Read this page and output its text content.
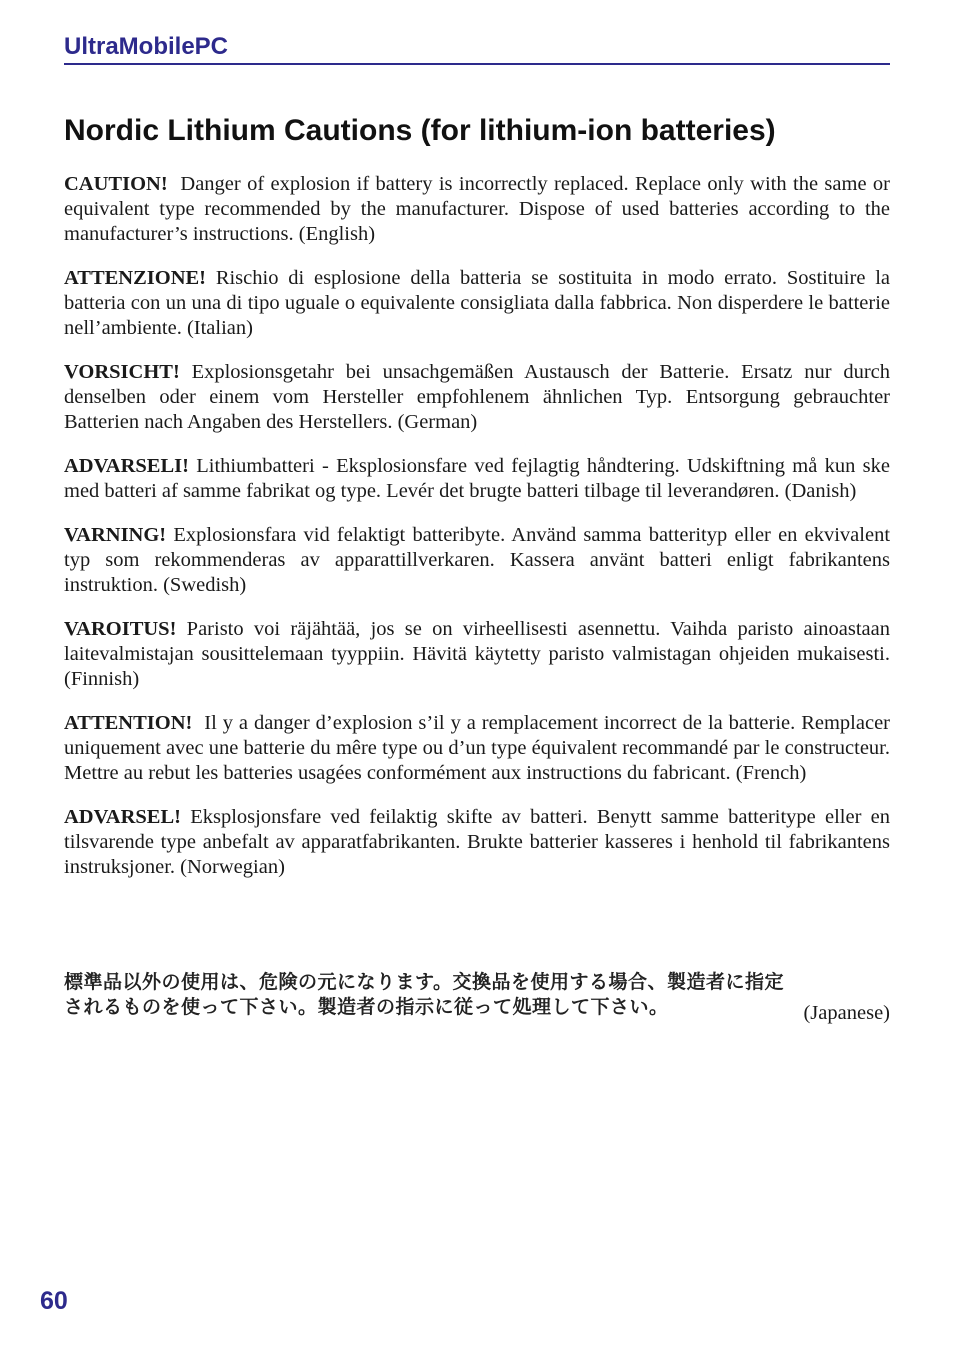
UltraMobilePC
Nordic Lithium Cautions (for lithium-ion batteries)

CAUTION! Danger of explosion if battery is incorrectly replaced. Replace only with the same or equivalent type recommended by the manufacturer. Dispose of used batteries according to the manufacturer’s instructions. (English)

ATTENZIONE! Rischio di esplosione della batteria se sostituita in modo errato. Sostituire la batteria con un una di tipo uguale o equivalente consigliata dalla fabbrica. Non disperdere le batterie nell’ambiente. (Italian)

VORSICHT! Explosionsgetahr bei unsachgemäßen Austausch der Batterie. Ersatz nur durch denselben oder einem vom Hersteller empfohlenem ähnlichen Typ. Entsorgung gebrauchter Batterien nach Angaben des Herstellers. (German)

ADVARSELI! Lithiumbatteri - Eksplosionsfare ved fejlagtig håndtering. Udskiftning må kun ske med batteri af samme fabrikat og type. Levér det brugte batteri tilbage til leverandøren. (Danish)

VARNING! Explosionsfara vid felaktigt batteribyte. Använd samma batterityp eller en ekvivalent typ som rekommenderas av apparattillverkaren. Kassera använt batteri enligt fabrikantens instruktion. (Swedish)

VAROITUS! Paristo voi räjähtää, jos se on virheellisesti asennettu. Vaihda paristo ainoastaan laitevalmistajan sousittelemaan tyyppiin. Hävitä käytetty paristo valmistagan ohjeiden mukaisesti. (Finnish)

ATTENTION! Il y a danger d’explosion s’il y a remplacement incorrect de la batterie. Remplacer uniquement avec une batterie du mêre type ou d’un type équivalent recommandé par le constructeur. Mettre au rebut les batteries usagées conformément aux instructions du fabricant. (French)

ADVARSEL! Eksplosjonsfare ved feilaktig skifte av batteri. Benytt samme batteritype eller en tilsvarende type anbefalt av apparatfabrikanten. Brukte batterier kasseres i henhold til fabrikantens instruksjoner. (Norwegian)

標準品以外の使用は、危険の元になります。交換品を使用する場合、製造者に指定されるものを使って下さい。製造者の指示に従って処理して下さい。	(Japanese)
60
